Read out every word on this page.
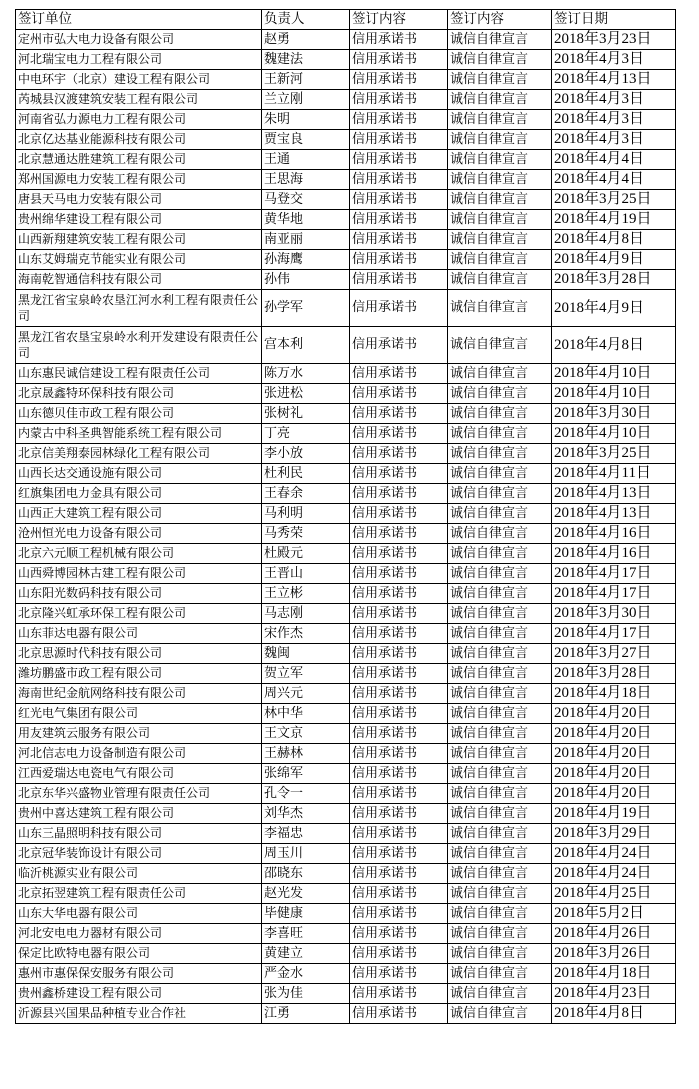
签订单位	负责人	签订内容	签订内容	签订日期
定州市弘大电力设备有限公司	赵勇	信用承诺书	诚信自律宣言	2018年3月23日
河北瑞宝电力工程有限公司	魏建法	信用承诺书	诚信自律宣言	2018年4月3日
中电环宇（北京）建设工程有限公司	王新河	信用承诺书	诚信自律宣言	2018年4月13日
芮城县汉渡建筑安装工程有限公司	兰立刚	信用承诺书	诚信自律宣言	2018年4月3日
河南省弘力源电力工程有限公司	朱明	信用承诺书	诚信自律宣言	2018年4月3日
北京亿达基业能源科技有限公司	贾宝良	信用承诺书	诚信自律宣言	2018年4月3日
北京慧通达胜建筑工程有限公司	王通	信用承诺书	诚信自律宣言	2018年4月4日
郑州国源电力安装工程有限公司	王思海	信用承诺书	诚信自律宣言	2018年4月4日
唐县天马电力安装有限公司	马登交	信用承诺书	诚信自律宣言	2018年3月25日
贵州绵华建设工程有限公司	黄华地	信用承诺书	诚信自律宣言	2018年4月19日
山西新翔建筑安装工程有限公司	南亚丽	信用承诺书	诚信自律宣言	2018年4月8日
山东艾姆瑞克节能实业有限公司	孙海鹰	信用承诺书	诚信自律宣言	2018年4月9日
海南乾智通信科技有限公司	孙伟	信用承诺书	诚信自律宣言	2018年3月28日
黑龙江省宝泉岭农垦江河水利工程有限责任公司	孙学军	信用承诺书	诚信自律宣言	2018年4月9日
黑龙江省农垦宝泉岭水利开发建设有限责任公司	宫本利	信用承诺书	诚信自律宣言	2018年4月8日
山东惠民诚信建设工程有限责任公司	陈万水	信用承诺书	诚信自律宣言	2018年4月10日
北京晟鑫特环保科技有限公司	张进松	信用承诺书	诚信自律宣言	2018年4月10日
山东德贝佳市政工程有限公司	张树礼	信用承诺书	诚信自律宣言	2018年3月30日
内蒙古中科圣典智能系统工程有限公司	丁亮	信用承诺书	诚信自律宣言	2018年4月10日
北京信美翔泰园林绿化工程有限公司	李小放	信用承诺书	诚信自律宣言	2018年3月25日
山西长达交通设施有限公司	杜利民	信用承诺书	诚信自律宣言	2018年4月11日
红旗集团电力金具有限公司	王春余	信用承诺书	诚信自律宣言	2018年4月13日
山西正大建筑工程有限公司	马利明	信用承诺书	诚信自律宣言	2018年4月13日
沧州恒光电力设备有限公司	马秀荣	信用承诺书	诚信自律宣言	2018年4月16日
北京六元顺工程机械有限公司	杜殿元	信用承诺书	诚信自律宣言	2018年4月16日
山西舜博园林古建工程有限公司	王晋山	信用承诺书	诚信自律宣言	2018年4月17日
山东阳光数码科技有限公司	王立彬	信用承诺书	诚信自律宣言	2018年4月17日
北京隆兴虹承环保工程有限公司	马志刚	信用承诺书	诚信自律宣言	2018年3月30日
山东菲达电器有限公司	宋作杰	信用承诺书	诚信自律宣言	2018年4月17日
北京思源时代科技有限公司	魏闽	信用承诺书	诚信自律宣言	2018年3月27日
潍坊鹏盛市政工程有限公司	贺立军	信用承诺书	诚信自律宣言	2018年3月28日
海南世纪金航网络科技有限公司	周兴元	信用承诺书	诚信自律宣言	2018年4月18日
红光电气集团有限公司	林中华	信用承诺书	诚信自律宣言	2018年4月20日
用友建筑云服务有限公司	王文京	信用承诺书	诚信自律宣言	2018年4月20日
河北信志电力设备制造有限公司	王赫林	信用承诺书	诚信自律宣言	2018年4月20日
江西爱瑞达电瓷电气有限公司	张绵军	信用承诺书	诚信自律宣言	2018年4月20日
北京东华兴盛物业管理有限责任公司	孔令一	信用承诺书	诚信自律宣言	2018年4月20日
贵州中喜达建筑工程有限公司	刘华杰	信用承诺书	诚信自律宣言	2018年4月19日
山东三晶照明科技有限公司	李福忠	信用承诺书	诚信自律宣言	2018年3月29日
北京冠华装饰设计有限公司	周玉川	信用承诺书	诚信自律宣言	2018年4月24日
临沂桃源实业有限公司	邵晓东	信用承诺书	诚信自律宣言	2018年4月24日
北京拓翌建筑工程有限责任公司	赵光发	信用承诺书	诚信自律宣言	2018年4月25日
山东大华电器有限公司	毕健康	信用承诺书	诚信自律宣言	2018年5月2日
河北安电电力器材有限公司	李喜旺	信用承诺书	诚信自律宣言	2018年4月26日
保定比欧特电器有限公司	黄建立	信用承诺书	诚信自律宣言	2018年3月26日
惠州市惠保保安服务有限公司	严金水	信用承诺书	诚信自律宣言	2018年4月18日
贵州鑫桥建设工程有限公司	张为佳	信用承诺书	诚信自律宣言	2018年4月23日
沂源县兴国果品种植专业合作社	江勇	信用承诺书	诚信自律宣言	2018年4月8日
